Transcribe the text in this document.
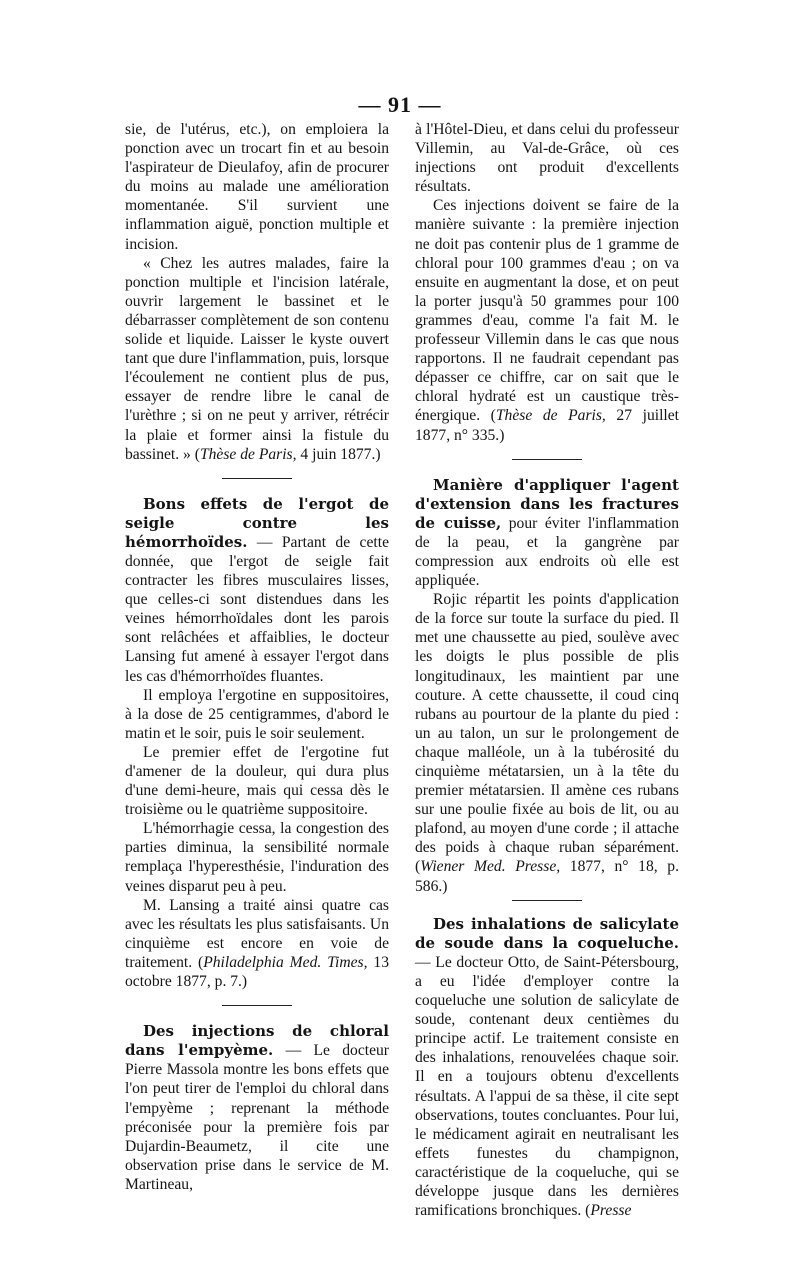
— 91 —

sie, de l'utérus, etc.), on emploiera la ponction avec un trocart fin et au besoin l'aspirateur de Dieulafoy, afin de procurer du moins au malade une amélioration momentanée. S'il survient une inflammation aiguë, ponction multiple et incision.

« Chez les autres malades, faire la ponction multiple et l'incision latérale, ouvrir largement le bassinet et le débarrasser complètement de son contenu solide et liquide. Laisser le kyste ouvert tant que dure l'inflammation, puis, lorsque l'écoulement ne contient plus de pus, essayer de rendre libre le canal de l'urèthre ; si on ne peut y arriver, rétrécir la plaie et former ainsi la fistule du bassinet. » (Thèse de Paris, 4 juin 1877.)

Bons effets de l'ergot de seigle contre les hémorrhoïdes. — Partant de cette donnée, que l'ergot de seigle fait contracter les fibres musculaires lisses, que celles-ci sont distendues dans les veines hémorrhoïdales dont les parois sont relâchées et affaiblies, le docteur Lansing fut amené à essayer l'ergot dans les cas d'hémorrhoïdes fluantes.

Il employa l'ergotine en suppositoires, à la dose de 25 centigrammes, d'abord le matin et le soir, puis le soir seulement.

Le premier effet de l'ergotine fut d'amener de la douleur, qui dura plus d'une demi-heure, mais qui cessa dès le troisième ou le quatrième suppositoire.

L'hémorrhagie cessa, la congestion des parties diminua, la sensibilité normale remplaça l'hyperesthésie, l'induration des veines disparut peu à peu.

M. Lansing a traité ainsi quatre cas avec les résultats les plus satisfaisants. Un cinquième est encore en voie de traitement. (Philadelphia Med. Times, 13 octobre 1877, p. 7.)

Des injections de chloral dans l'empyème. — Le docteur Pierre Massola montre les bons effets que l'on peut tirer de l'emploi du chloral dans l'empyème ; reprenant la méthode préconisée pour la première fois par Dujardin-Beaumetz, il cite une observation prise dans le service de M. Martineau,

à l'Hôtel-Dieu, et dans celui du professeur Villemin, au Val-de-Grâce, où ces injections ont produit d'excellents résultats.

Ces injections doivent se faire de la manière suivante : la première injection ne doit pas contenir plus de 1 gramme de chloral pour 100 grammes d'eau ; on va ensuite en augmentant la dose, et on peut la porter jusqu'à 50 grammes pour 100 grammes d'eau, comme l'a fait M. le professeur Villemin dans le cas que nous rapportons. Il ne faudrait cependant pas dépasser ce chiffre, car on sait que le chloral hydraté est un caustique très-énergique. (Thèse de Paris, 27 juillet 1877, n° 335.)

Manière d'appliquer l'agent d'extension dans les fractures de cuisse, pour éviter l'inflammation de la peau, et la gangrène par compression aux endroits où elle est appliquée.

Rojic répartit les points d'application de la force sur toute la surface du pied. Il met une chaussette au pied, soulève avec les doigts le plus possible de plis longitudinaux, les maintient par une couture. A cette chaussette, il coud cinq rubans au pourtour de la plante du pied : un au talon, un sur le prolongement de chaque malléole, un à la tubérosité du cinquième métatarsien, un à la tête du premier métatarsien. Il amène ces rubans sur une poulie fixée au bois de lit, ou au plafond, au moyen d'une corde ; il attache des poids à chaque ruban séparément. (Wiener Med. Presse, 1877, n° 18, p. 586.)

Des inhalations de salicylate de soude dans la coqueluche. — Le docteur Otto, de Saint-Pétersbourg, a eu l'idée d'employer contre la coqueluche une solution de salicylate de soude, contenant deux centièmes du principe actif. Le traitement consiste en des inhalations, renouvelées chaque soir. Il en a toujours obtenu d'excellents résultats. A l'appui de sa thèse, il cite sept observations, toutes concluantes. Pour lui, le médicament agirait en neutralisant les effets funestes du champignon, caractéristique de la coqueluche, qui se développe jusque dans les dernières ramifications bronchiques. (Presse
